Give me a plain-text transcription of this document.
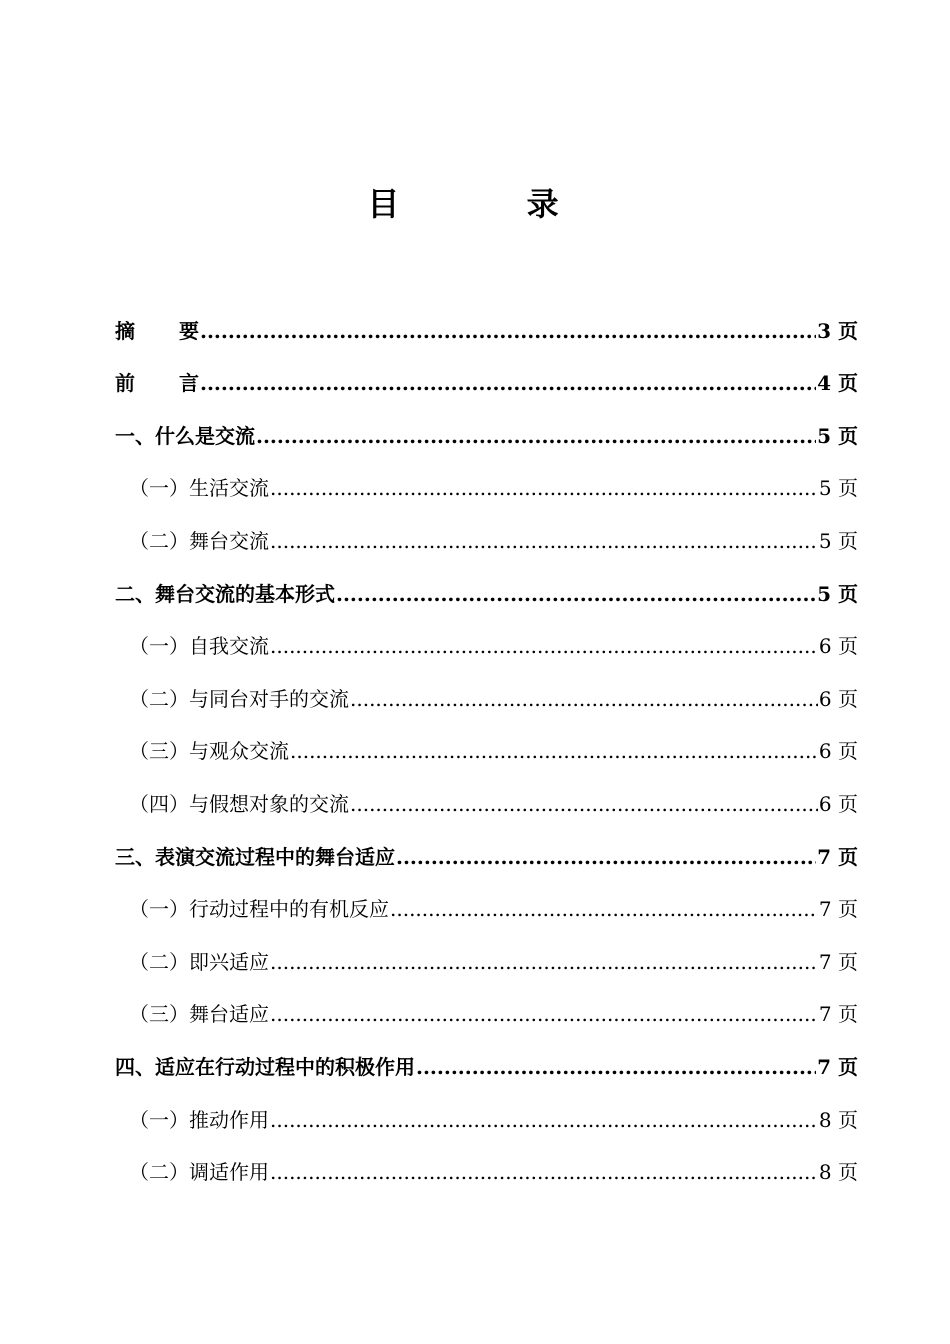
目 录
摘要 .....	3 页
前言 .....	4 页
一、什么是交流 .....	5 页
（一）生活交流 .....	5 页
（二）舞台交流 .....	5 页
二、舞台交流的基本形式 .....	5 页
（一）自我交流 .....	6 页
（二）与同台对手的交流 .....	6 页
（三）与观众交流 .....	6 页
（四）与假想对象的交流 .....	6 页
三、表演交流过程中的舞台适应 .....	7 页
（一）行动过程中的有机反应 .....	7 页
（二）即兴适应 .....	7 页
（三）舞台适应 .....	7 页
四、适应在行动过程中的积极作用 .....	7 页
（一）推动作用 .....	8 页
（二）调适作用 .....	8 页
